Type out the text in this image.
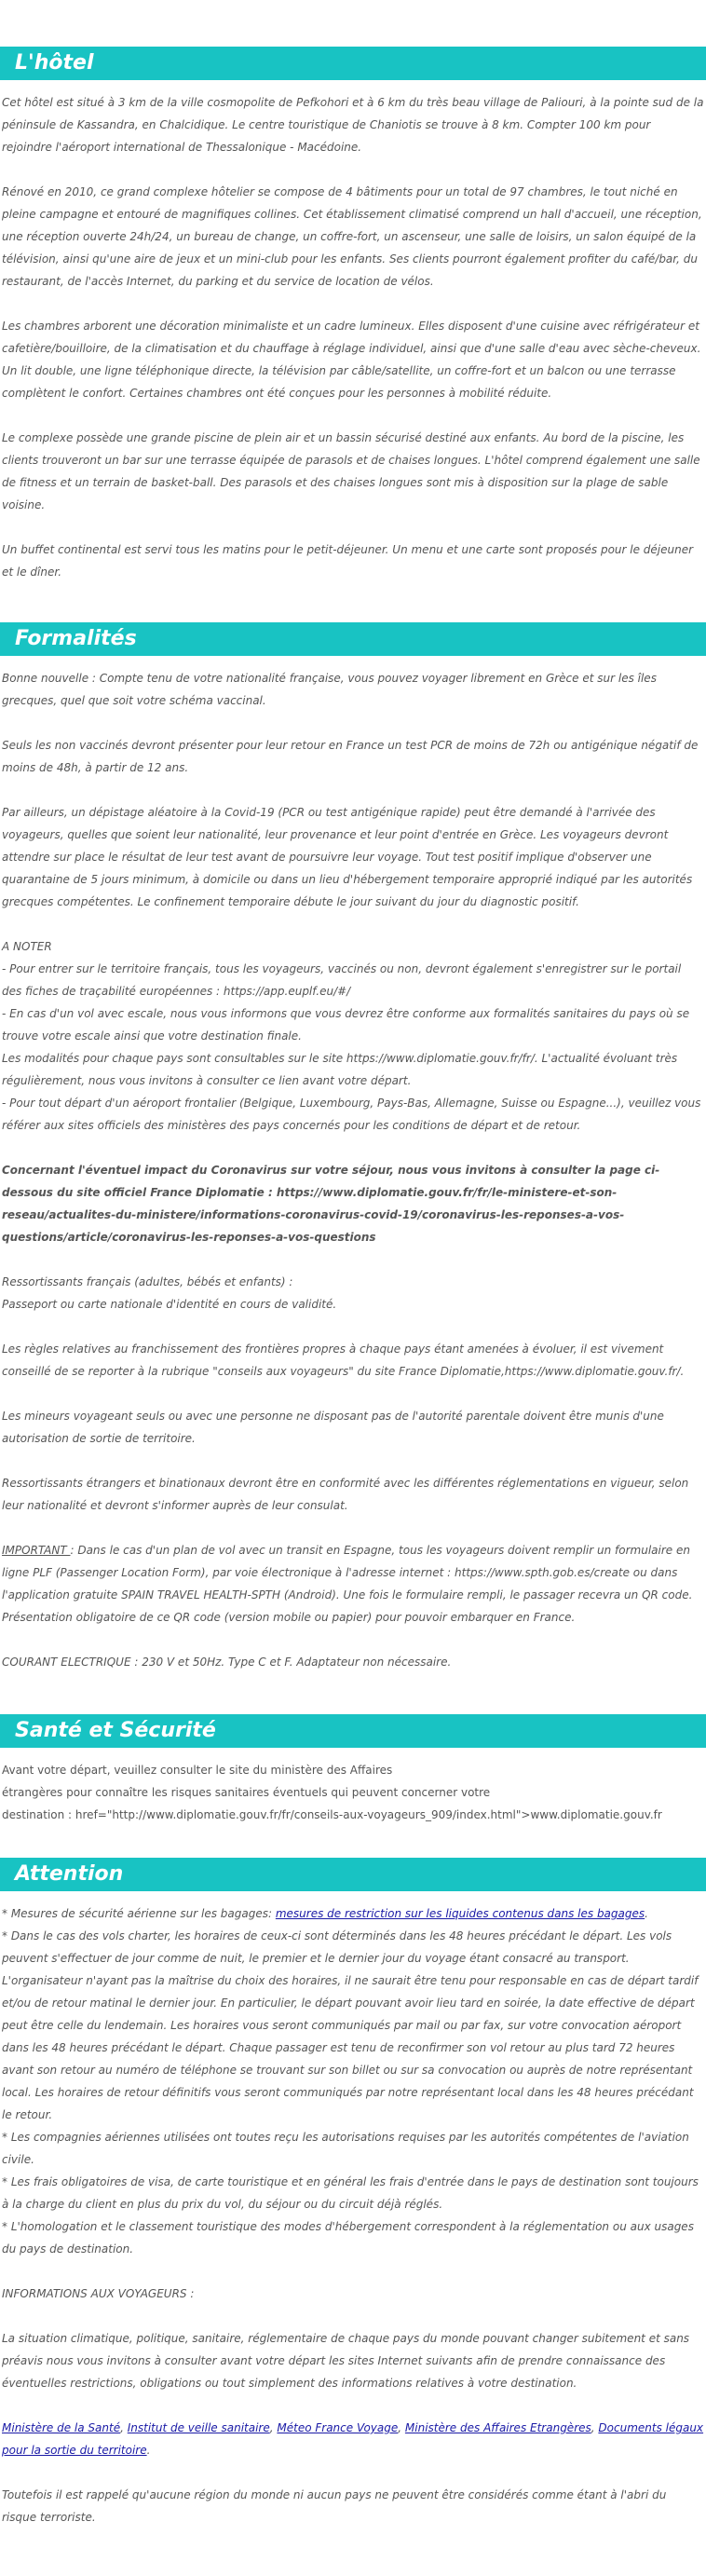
L'hôtel

Cet hôtel est situé à 3 km de la ville cosmopolite de Pefkohori et à 6 km du très beau village de Paliouri, à la pointe sud de la péninsule de Kassandra, en Chalcidique. Le centre touristique de Chaniotis se trouve à 8 km. Compter 100 km pour rejoindre l'aéroport international de Thessalonique - Macédoine.

Rénové en 2010, ce grand complexe hôtelier se compose de 4 bâtiments pour un total de 97 chambres, le tout niché en pleine campagne et entouré de magnifiques collines. Cet établissement climatisé comprend un hall d'accueil, une réception, une réception ouverte 24h/24, un bureau de change, un coffre-fort, un ascenseur, une salle de loisirs, un salon équipé de la télévision, ainsi qu'une aire de jeux et un mini-club pour les enfants. Ses clients pourront également profiter du café/bar, du restaurant, de l'accès Internet, du parking et du service de location de vélos.

Les chambres arborent une décoration minimaliste et un cadre lumineux. Elles disposent d'une cuisine avec réfrigérateur et cafetière/bouilloire, de la climatisation et du chauffage à réglage individuel, ainsi que d'une salle d'eau avec sèche-cheveux. Un lit double, une ligne téléphonique directe, la télévision par câble/satellite, un coffre-fort et un balcon ou une terrasse complètent le confort. Certaines chambres ont été conçues pour les personnes à mobilité réduite.

Le complexe possède une grande piscine de plein air et un bassin sécurisé destiné aux enfants. Au bord de la piscine, les clients trouveront un bar sur une terrasse équipée de parasols et de chaises longues. L'hôtel comprend également une salle de fitness et un terrain de basket-ball. Des parasols et des chaises longues sont mis à disposition sur la plage de sable voisine.

Un buffet continental est servi tous les matins pour le petit-déjeuner. Un menu et une carte sont proposés pour le déjeuner et le dîner.

Formalités

Bonne nouvelle : Compte tenu de votre nationalité française, vous pouvez voyager librement en Grèce et sur les îles grecques, quel que soit votre schéma vaccinal.

Seuls les non vaccinés devront présenter pour leur retour en France un test PCR de moins de 72h ou antigénique négatif de moins de 48h, à partir de 12 ans.

Par ailleurs, un dépistage aléatoire à la Covid-19 (PCR ou test antigénique rapide) peut être demandé à l'arrivée des voyageurs, quelles que soient leur nationalité, leur provenance et leur point d'entrée en Grèce. Les voyageurs devront attendre sur place le résultat de leur test avant de poursuivre leur voyage. Tout test positif implique d'observer une quarantaine de 5 jours minimum, à domicile ou dans un lieu d'hébergement temporaire approprié indiqué par les autorités grecques compétentes. Le confinement temporaire débute le jour suivant du jour du diagnostic positif.

A NOTER
- Pour entrer sur le territoire français, tous les voyageurs, vaccinés ou non, devront également s'enregistrer sur le portail des fiches de traçabilité européennes : https://app.euplf.eu/#/
- En cas d'un vol avec escale, nous vous informons que vous devrez être conforme aux formalités sanitaires du pays où se trouve votre escale ainsi que votre destination finale.
Les modalités pour chaque pays sont consultables sur le site https://www.diplomatie.gouv.fr/fr/. L'actualité évoluant très régulièrement, nous vous invitons à consulter ce lien avant votre départ.
- Pour tout départ d'un aéroport frontalier (Belgique, Luxembourg, Pays-Bas, Allemagne, Suisse ou Espagne...), veuillez vous référer aux sites officiels des ministères des pays concernés pour les conditions de départ et de retour.

Concernant l'éventuel impact du Coronavirus sur votre séjour, nous vous invitons à consulter la page ci-dessous du site officiel France Diplomatie : https://www.diplomatie.gouv.fr/fr/le-ministere-et-son-reseau/actualites-du-ministere/informations-coronavirus-covid-19/coronavirus-les-reponses-a-vos-questions/article/coronavirus-les-reponses-a-vos-questions

Ressortissants français (adultes, bébés et enfants) :
Passeport ou carte nationale d'identité en cours de validité.

Les règles relatives au franchissement des frontières propres à chaque pays étant amenées à évoluer, il est vivement conseillé de se reporter à la rubrique "conseils aux voyageurs" du site France Diplomatie,https://www.diplomatie.gouv.fr/.

Les mineurs voyageant seuls ou avec une personne ne disposant pas de l'autorité parentale doivent être munis d'une autorisation de sortie de territoire.

Ressortissants étrangers et binationaux devront être en conformité avec les différentes réglementations en vigueur, selon leur nationalité et devront s'informer auprès de leur consulat.

IMPORTANT : Dans le cas d'un plan de vol avec un transit en Espagne, tous les voyageurs doivent remplir un formulaire en ligne PLF (Passenger Location Form), par voie électronique à l'adresse internet : https://www.spth.gob.es/create ou dans l'application gratuite SPAIN TRAVEL HEALTH-SPTH (Android). Une fois le formulaire rempli, le passager recevra un QR code. Présentation obligatoire de ce QR code (version mobile ou papier) pour pouvoir embarquer en France.

COURANT ELECTRIQUE : 230 V et 50Hz. Type C et F. Adaptateur non nécessaire.

Santé et Sécurité
Avant votre départ, veuillez consulter le site du ministère des Affaires
étrangères pour connaître les risques sanitaires éventuels qui peuvent concerner votre
destination : href="http://www.diplomatie.gouv.fr/fr/conseils-aux-voyageurs_909/index.html">www.diplomatie.gouv.fr
Attention
* Mesures de sécurité aérienne sur les bagages: mesures de restriction sur les liquides contenus dans les bagages.
* Dans le cas des vols charter, les horaires de ceux-ci sont déterminés dans les 48 heures précédant le départ. Les vols peuvent s'effectuer de jour comme de nuit, le premier et le dernier jour du voyage étant consacré au transport. L'organisateur n'ayant pas la maîtrise du choix des horaires, il ne saurait être tenu pour responsable en cas de départ tardif et/ou de retour matinal le dernier jour. En particulier, le départ pouvant avoir lieu tard en soirée, la date effective de départ peut être celle du lendemain. Les horaires vous seront communiqués par mail ou par fax, sur votre convocation aéroport dans les 48 heures précédant le départ. Chaque passager est tenu de reconfirmer son vol retour au plus tard 72 heures avant son retour au numéro de téléphone se trouvant sur son billet ou sur sa convocation ou auprès de notre représentant local. Les horaires de retour définitifs vous seront communiqués par notre représentant local dans les 48 heures précédant le retour.
* Les compagnies aériennes utilisées ont toutes reçu les autorisations requises par les autorités compétentes de l'aviation civile.
* Les frais obligatoires de visa, de carte touristique et en général les frais d'entrée dans le pays de destination sont toujours à la charge du client en plus du prix du vol, du séjour ou du circuit déjà réglés.
* L'homologation et le classement touristique des modes d'hébergement correspondent à la réglementation ou aux usages du pays de destination.

INFORMATIONS AUX VOYAGEURS :

La situation climatique, politique, sanitaire, réglementaire de chaque pays du monde pouvant changer subitement et sans préavis nous vous invitons à consulter avant votre départ les sites Internet suivants afin de prendre connaissance des éventuelles restrictions, obligations ou tout simplement des informations relatives à votre destination.

Ministère de la Santé, Institut de veille sanitaire, Méteo France Voyage, Ministère des Affaires Etrangères, Documents légaux pour la sortie du territoire.

Toutefois il est rappelé qu'aucune région du monde ni aucun pays ne peuvent être considérés comme étant à l'abri du risque terroriste.
